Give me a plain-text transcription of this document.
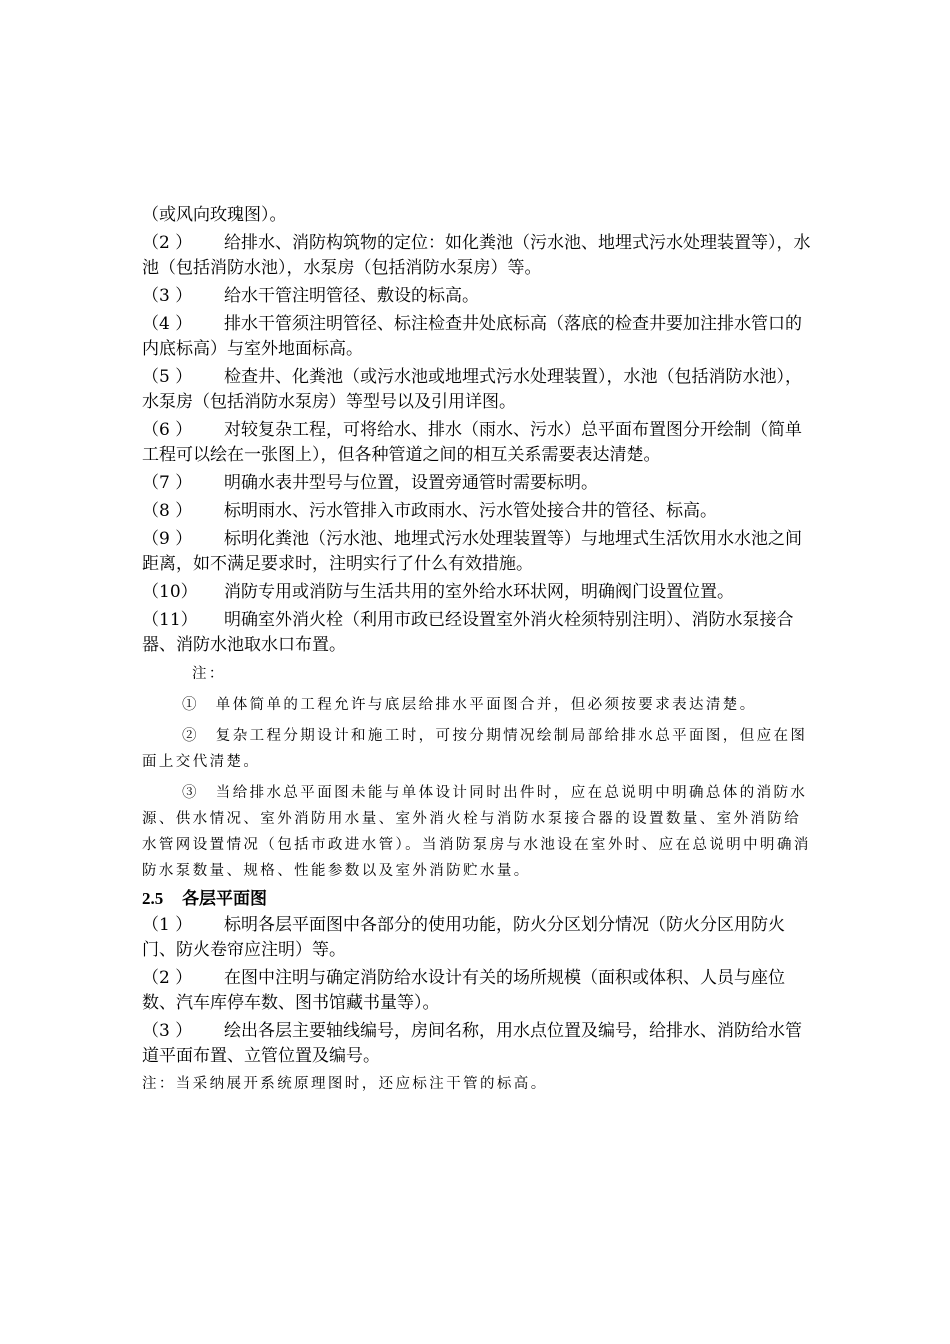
（或风向玫瑰图）。

（2 ） 给排水、消防构筑物的定位：如化粪池（污水池、地埋式污水处理装置等），水池（包括消防水池），水泵房（包括消防水泵房）等。

（3 ） 给水干管注明管径、敷设的标高。

（4 ） 排水干管须注明管径、标注检查井处底标高（落底的检查井要加注排水管口的内底标高）与室外地面标高。

（5 ） 检查井、化粪池（或污水池或地埋式污水处理装置），水池（包括消防水池），水泵房（包括消防水泵房）等型号以及引用详图。

（6 ） 对较复杂工程，可将给水、排水（雨水、污水）总平面布置图分开绘制（简单工程可以绘在一张图上），但各种管道之间的相互关系需要表达清楚。

（7 ） 明确水表井型号与位置，设置旁通管时需要标明。

（8 ） 标明雨水、污水管排入市政雨水、污水管处接合井的管径、标高。

（9 ） 标明化粪池（污水池、地埋式污水处理装置等）与地埋式生活饮用水水池之间距离，如不满足要求时，注明实行了什么有效措施。

（10） 消防专用或消防与生活共用的室外给水环状网，明确阀门设置位置。

（11） 明确室外消火栓（利用市政已经设置室外消火栓须特别注明）、消防水泵接合器、消防水池取水口布置。

注：

①　单体简单的工程允许与底层给排水平面图合并，但必须按要求表达清楚。

②　复杂工程分期设计和施工时，可按分期情况绘制局部给排水总平面图，但应在图面上交代清楚。

③　当给排水总平面图未能与单体设计同时出件时，应在总说明中明确总体的消防水源、供水情况、室外消防用水量、室外消火栓与消防水泵接合器的设置数量、室外消防给水管网设置情况（包括市政进水管）。当消防泵房与水池设在室外时、应在总说明中明确消防水泵数量、规格、性能参数以及室外消防贮水量。

2.5 各层平面图

（1 ） 标明各层平面图中各部分的使用功能，防火分区划分情况（防火分区用防火门、防火卷帘应注明）等。

（2 ） 在图中注明与确定消防给水设计有关的场所规模（面积或体积、人员与座位数、汽车库停车数、图书馆藏书量等）。

（3 ） 绘出各层主要轴线编号，房间名称，用水点位置及编号，给排水、消防给水管道平面布置、立管位置及编号。

注：当采纳展开系统原理图时，还应标注干管的标高。
